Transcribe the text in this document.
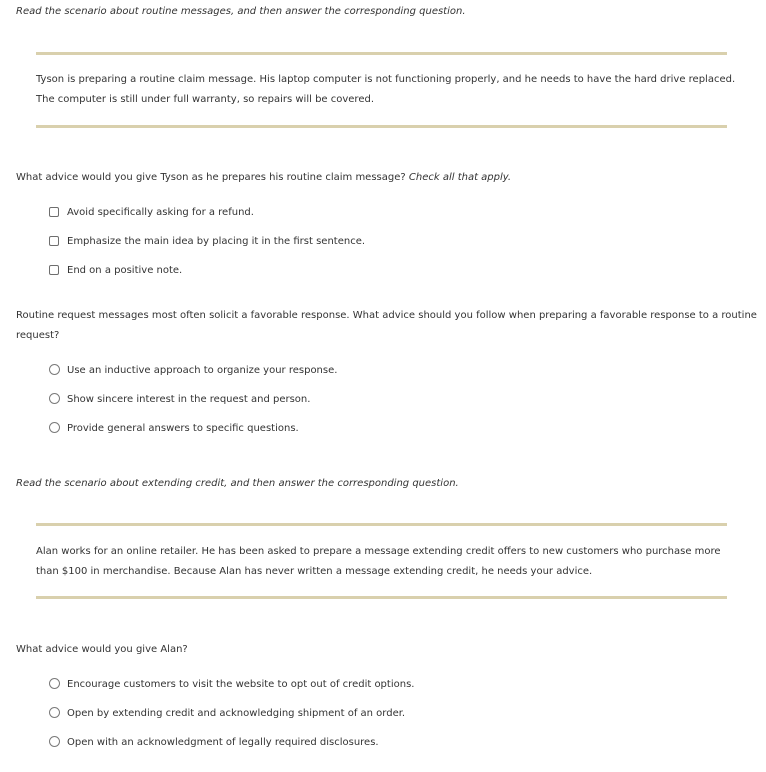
Read the scenario about routine messages, and then answer the corresponding question.
Tyson is preparing a routine claim message. His laptop computer is not functioning properly, and he needs to have the hard drive replaced. The computer is still under full warranty, so repairs will be covered.
What advice would you give Tyson as he prepares his routine claim message? Check all that apply.
Avoid specifically asking for a refund.
Emphasize the main idea by placing it in the first sentence.
End on a positive note.
Routine request messages most often solicit a favorable response. What advice should you follow when preparing a favorable response to a routine request?
Use an inductive approach to organize your response.
Show sincere interest in the request and person.
Provide general answers to specific questions.
Read the scenario about extending credit, and then answer the corresponding question.
Alan works for an online retailer. He has been asked to prepare a message extending credit offers to new customers who purchase more than $100 in merchandise. Because Alan has never written a message extending credit, he needs your advice.
What advice would you give Alan?
Encourage customers to visit the website to opt out of credit options.
Open by extending credit and acknowledging shipment of an order.
Open with an acknowledgment of legally required disclosures.
